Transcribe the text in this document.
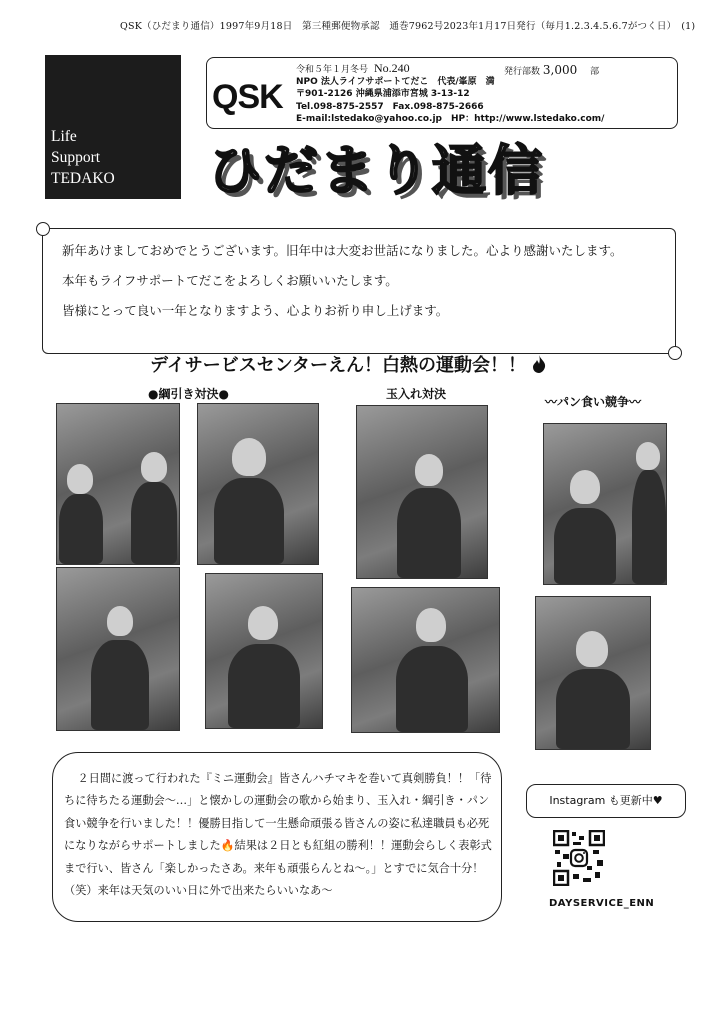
QSK（ひだまり通信）1997年9月18日　第三種郵便物承認　通巻7962号2023年1月17日発行（毎月1.2.3.4.5.6.7がつく日）　(1)
Life
Support
TEDAKO
QSK
令和５年１月冬号 No.240
NPO 法人ライフサポートてだこ　代表/峯原　満
〒901-2126 沖縄県浦添市宮城 3-13-12
Tel.098-875-2557　Fax.098-875-2666
E-mail:lstedako@yahoo.co.jp　HP：http://www.lstedako.com/
発行部数 3,000 部
ひだまり通信
新年あけましておめでとうございます。旧年中は大変お世話になりました。心より感謝いたします。
本年もライフサポートてだこをよろしくお願いいたします。
皆様にとって良い一年となりますよう、心よりお祈り申し上げます。
デイサービスセンターえん！白熱の運動会！！
●綱引き対決●	玉入れ対決
〰パン食い競争〰
２日間に渡って行われた『ミニ運動会』皆さんハチマキを巻いて真剣勝負！！「待ちに待ちたる運動会〜…」と懐かしの運動会の歌から始まり、玉入れ・綱引き・パン食い競争を行いました！！優勝目指して一生懸命頑張る皆さんの姿に私達職員も必死になりながらサポートしました🔥結果は２日とも紅組の勝利！！運動会らしく表彰式まで行い、皆さん「楽しかったさあ。来年も頑張らんとね〜。」とすでに気合十分！（笑）来年は天気のいい日に外で出来たらいいなあ〜
Instagram も更新中♥
DAYSERVICE_ENN
